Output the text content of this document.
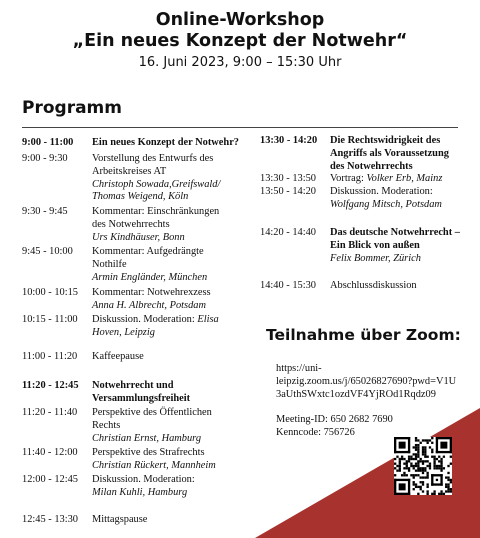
Online-Workshop
„Ein neues Konzept der Notwehr“
16. Juni 2023, 9:00 – 15:30 Uhr
Programm
9:00 - 11:00 Ein neues Konzept der Notwehr?
9:00 - 9:30 Vorstellung des Entwurfs des
Arbeitskreises AT
Christoph Sowada,Greifswald/
Thomas Weigend, Köln
9:30 - 9:45 Kommentar: Einschränkungen
des Notwehrrechts
Urs Kindhäuser, Bonn
9:45 - 10:00 Kommentar: Aufgedrängte
Nothilfe
Armin Engländer, München
10:00 - 10:15 Kommentar: Notwehrexzess
Anna H. Albrecht, Potsdam
10:15 - 11:00 Diskussion. Moderation: Elisa
Hoven, Leipzig
11:00 - 11:20 Kaffeepause
11:20 - 12:45 Notwehrrecht und
Versammlungsfreiheit
11:20 - 11:40 Perspektive des Öffentlichen
Rechts
Christian Ernst, Hamburg
11:40 - 12:00 Perspektive des Strafrechts
Christian Rückert, Mannheim
12:00 - 12:45 Diskussion. Moderation:
Milan Kuhli, Hamburg
12:45 - 13:30 Mittagspause
13:30 - 14:20 Die Rechtswidrigkeit des
Angriffs als Voraussetzung
des Notwehrrechts
13:30 - 13:50 Vortrag: Volker Erb, Mainz
13:50 - 14:20 Diskussion. Moderation:
Wolfgang Mitsch, Potsdam
14:20 - 14:40 Das deutsche Notwehrrecht –
Ein Blick von außen
Felix Bommer, Zürich
14:40 - 15:30 Abschlussdiskussion
Teilnahme über Zoom:
https://uni-
leipzig.zoom.us/j/65026827690?pwd=V1U
3aUthSWxtc1ozdVF4YjROd1Rqdz09
Meeting-ID: 650 2682 7690
Kenncode: 756726
